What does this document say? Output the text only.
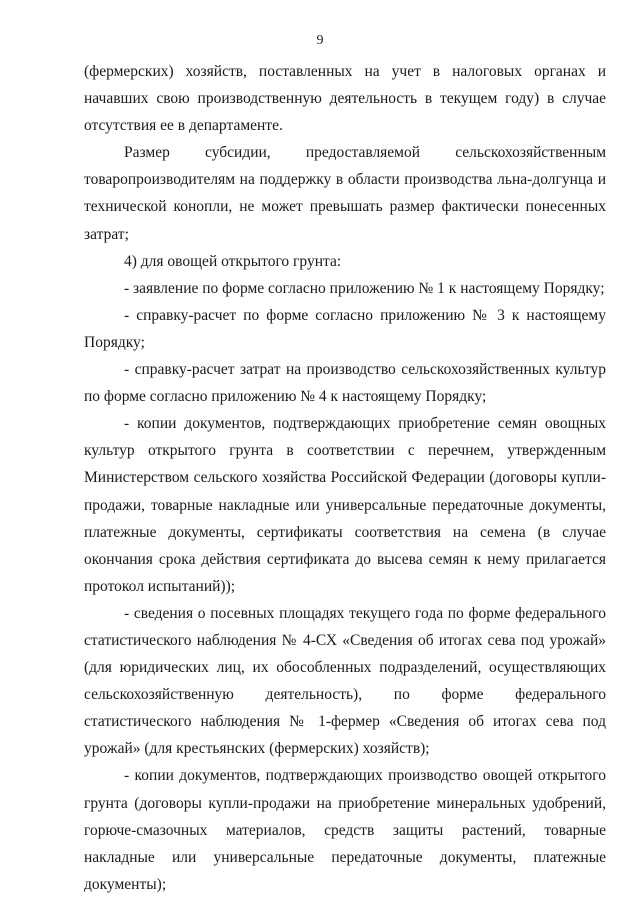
9

(фермерских) хозяйств, поставленных на учет в налоговых органах и начавших свою производственную деятельность в текущем году) в случае отсутствия ее в департаменте.

Размер субсидии, предоставляемой сельскохозяйственным товаропроизводителям на поддержку в области производства льна-долгунца и технической конопли, не может превышать размер фактически понесенных затрат;

4) для овощей открытого грунта:

- заявление по форме согласно приложению № 1 к настоящему Порядку;

- справку-расчет по форме согласно приложению № 3 к настоящему Порядку;

- справку-расчет затрат на производство сельскохозяйственных культур по форме согласно приложению № 4 к настоящему Порядку;

- копии документов, подтверждающих приобретение семян овощных культур открытого грунта в соответствии с перечнем, утвержденным Министерством сельского хозяйства Российской Федерации (договоры купли-продажи, товарные накладные или универсальные передаточные документы, платежные документы, сертификаты соответствия на семена (в случае окончания срока действия сертификата до высева семян к нему прилагается протокол испытаний));

- сведения о посевных площадях текущего года по форме федерального статистического наблюдения № 4-СХ «Сведения об итогах сева под урожай» (для юридических лиц, их обособленных подразделений, осуществляющих сельскохозяйственную деятельность), по форме федерального статистического наблюдения № 1-фермер «Сведения об итогах сева под урожай» (для крестьянских (фермерских) хозяйств);

- копии документов, подтверждающих производство овощей открытого грунта (договоры купли-продажи на приобретение минеральных удобрений, горюче-смазочных материалов, средств защиты растений, товарные накладные или универсальные передаточные документы, платежные документы);
